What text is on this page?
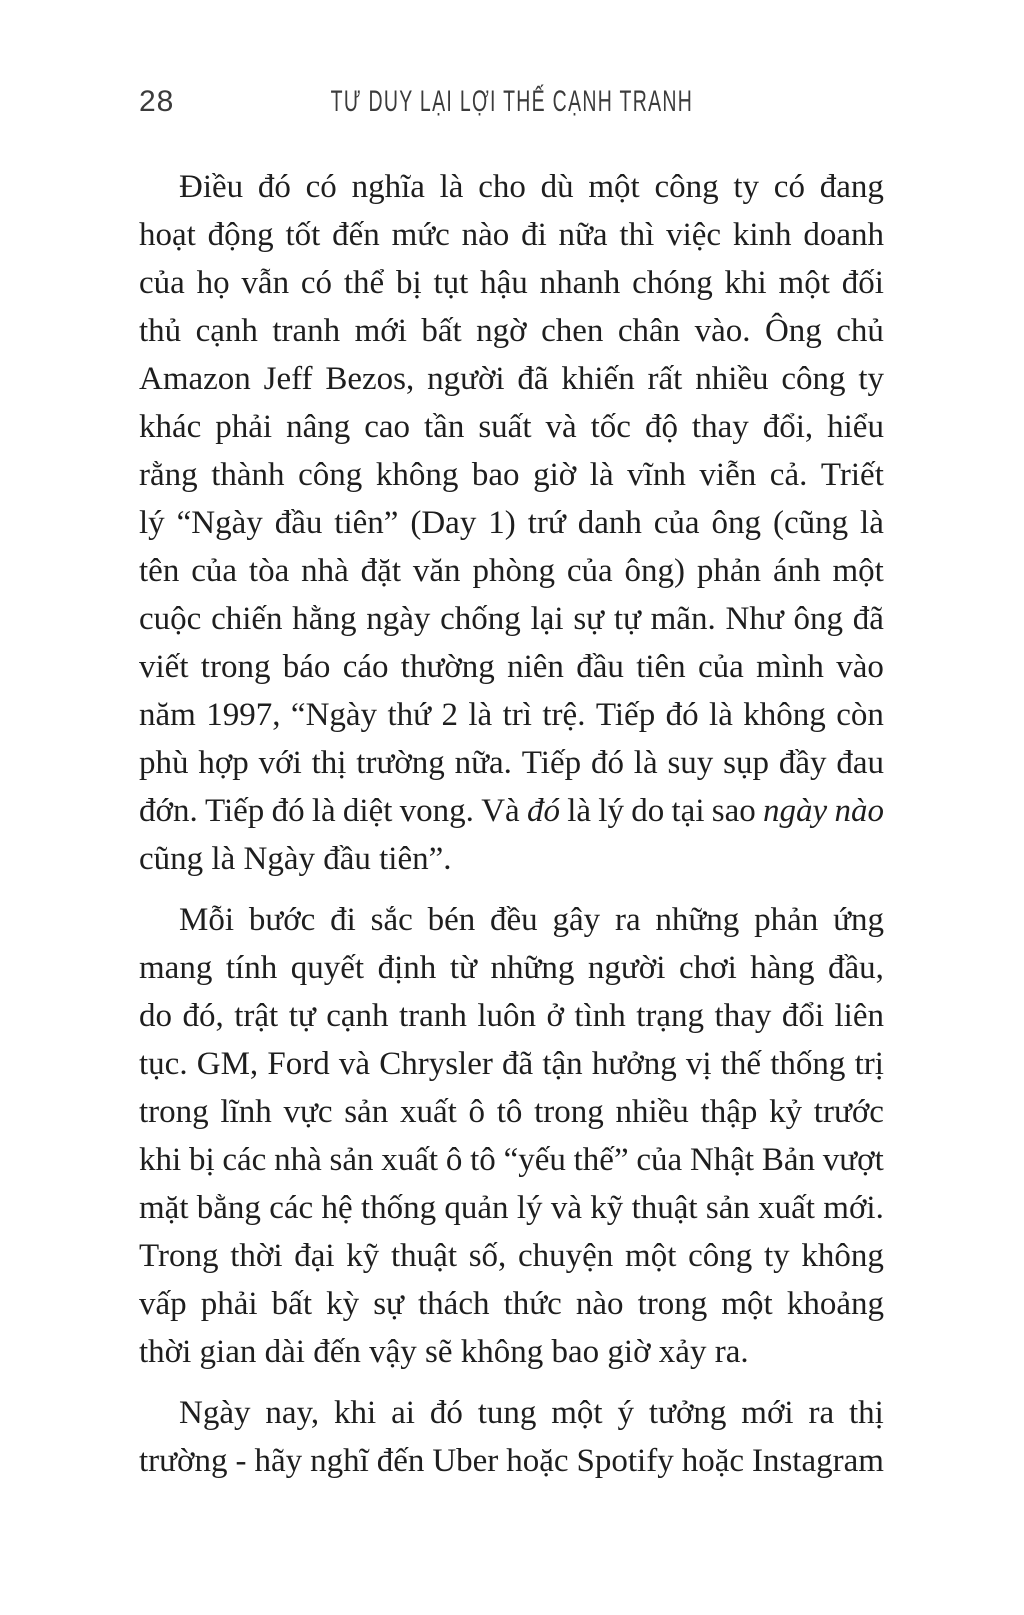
28	TƯ DUY LẠI LỢI THẾ CẠNH TRANH
Điều đó có nghĩa là cho dù một công ty có đang
hoạt động tốt đến mức nào đi nữa thì việc kinh doanh
của họ vẫn có thể bị tụt hậu nhanh chóng khi một đối
thủ cạnh tranh mới bất ngờ chen chân vào. Ông chủ
Amazon Jeff Bezos, người đã khiến rất nhiều công ty
khác phải nâng cao tần suất và tốc độ thay đổi, hiểu
rằng thành công không bao giờ là vĩnh viễn cả. Triết
lý “Ngày đầu tiên” (Day 1) trứ danh của ông (cũng là
tên của tòa nhà đặt văn phòng của ông) phản ánh một
cuộc chiến hằng ngày chống lại sự tự mãn. Như ông đã
viết trong báo cáo thường niên đầu tiên của mình vào
năm 1997, “Ngày thứ 2 là trì trệ. Tiếp đó là không còn
phù hợp với thị trường nữa. Tiếp đó là suy sụp đầy đau
đớn. Tiếp đó là diệt vong. Và đó là lý do tại sao ngày nào
cũng là Ngày đầu tiên”.
Mỗi bước đi sắc bén đều gây ra những phản ứng
mang tính quyết định từ những người chơi hàng đầu,
do đó, trật tự cạnh tranh luôn ở tình trạng thay đổi liên
tục. GM, Ford và Chrysler đã tận hưởng vị thế thống trị
trong lĩnh vực sản xuất ô tô trong nhiều thập kỷ trước
khi bị các nhà sản xuất ô tô “yếu thế” của Nhật Bản vượt
mặt bằng các hệ thống quản lý và kỹ thuật sản xuất mới.
Trong thời đại kỹ thuật số, chuyện một công ty không
vấp phải bất kỳ sự thách thức nào trong một khoảng
thời gian dài đến vậy sẽ không bao giờ xảy ra.
Ngày nay, khi ai đó tung một ý tưởng mới ra thị
trường - hãy nghĩ đến Uber hoặc Spotify hoặc Instagram
